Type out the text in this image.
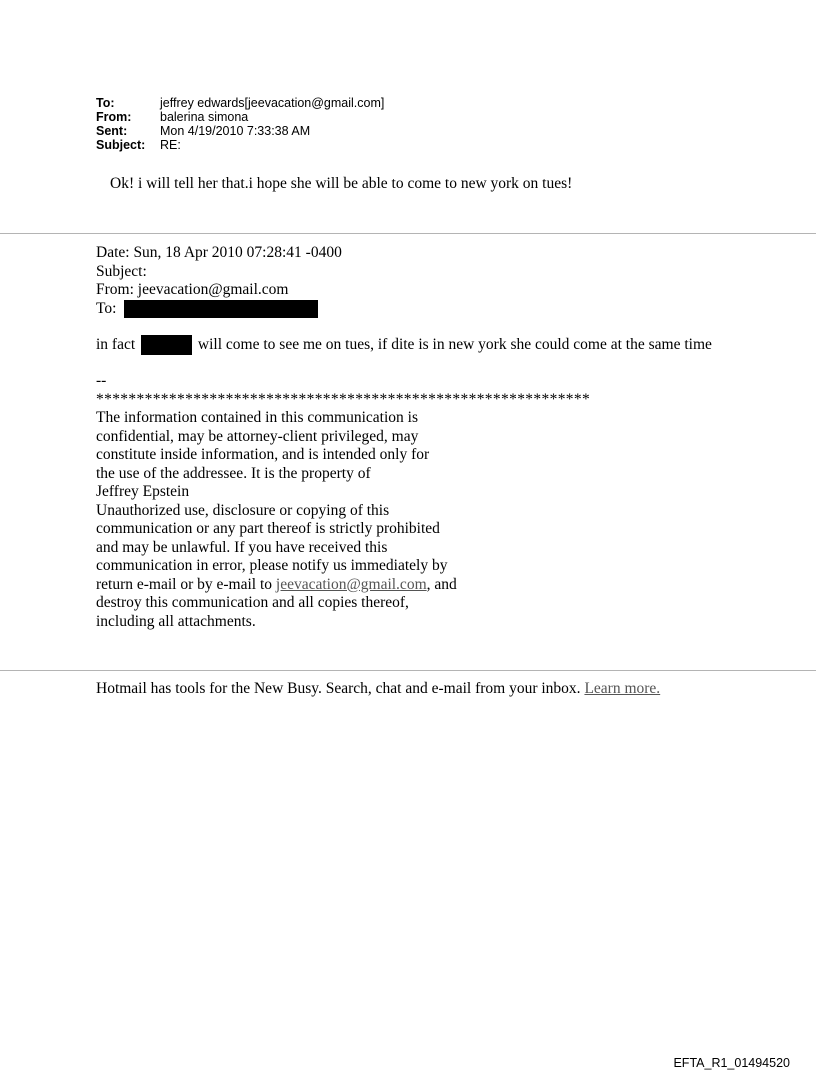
To:	jeffrey edwards[jeevacation@gmail.com]
From:	balerina simona
Sent:	Mon 4/19/2010 7:33:38 AM
Subject:	RE:
Ok! i will tell her that.i hope she will be able to come to new york on tues!
Date: Sun, 18 Apr 2010 07:28:41 -0400
Subject:
From: jeevacation@gmail.com
To:
in fact	will come to see me on tues, if dite is in new york she could come at the same time
--
*************************************************************
The information contained in this communication is
confidential, may be attorney-client privileged, may
constitute inside information, and is intended only for
the use of the addressee. It is the property of
Jeffrey Epstein
Unauthorized use, disclosure or copying of this
communication or any part thereof is strictly prohibited
and may be unlawful. If you have received this
communication in error, please notify us immediately by
return e-mail or by e-mail to jeevacation@gmail.com, and
destroy this communication and all copies thereof,
including all attachments.
Hotmail has tools for the New Busy. Search, chat and e-mail from your inbox. Learn more.
EFTA_R1_01494520
